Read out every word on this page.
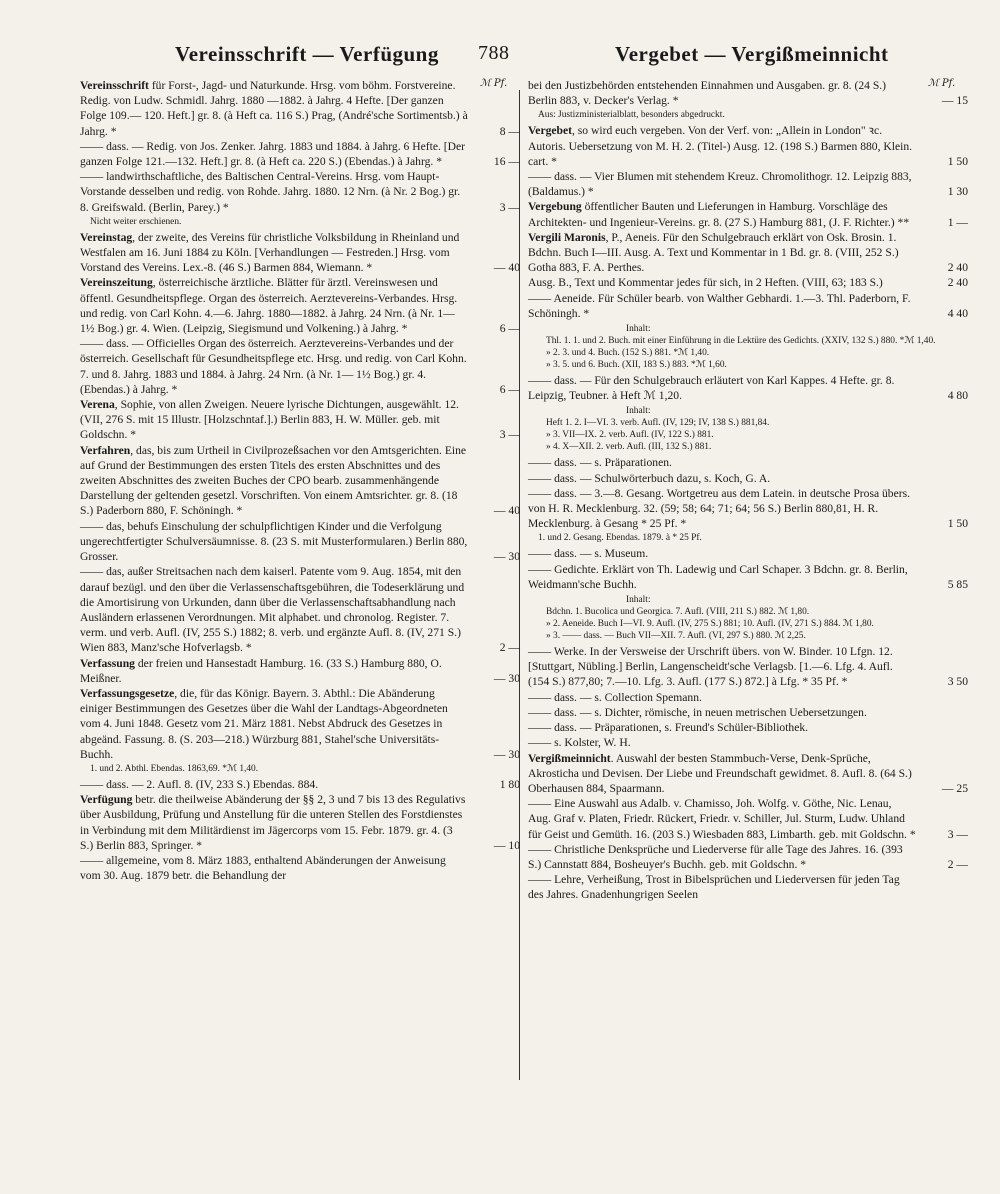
Vereinsschrift — Verfügung 788	Vergebet — Vergißmeinnicht
ℳ Pf.	ℳ Pf.
Vereinsschrift für Forst-, Jagd- und Naturkunde. Hrsg. vom böhm. Forstvereine. Redig. von Ludw. Schmidl. Jahrg. 1880 —1882. à Jahrg. 4 Hefte. [Der ganzen Folge 109.— 120. Heft.] gr. 8. (à Heft ca. 116 S.) Prag, (André'sche Sortimentsb.) à Jahrg. *	8 —
—— dass. — Redig. von Jos. Zenker. Jahrg. 1883 und 1884. à Jahrg. 6 Hefte. [Der ganzen Folge 121.—132. Heft.] gr. 8. (à Heft ca. 220 S.) (Ebendas.) à Jahrg. *	16 —
—— landwirthschaftliche, des Baltischen Central-Vereins. Hrsg. vom Haupt-Vorstande desselben und redig. von Rohde. Jahrg. 1880. 12 Nrn. (à Nr. 2 Bog.) gr. 8. Greifswald. (Berlin, Parey.) *	3 —
Nicht weiter erschienen.
Vereinstag, der zweite, des Vereins für christliche Volksbildung in Rheinland und Westfalen am 16. Juni 1884 zu Köln. [Verhandlungen — Festreden.] Hrsg. vom Vorstand des Vereins. Lex.-8. (46 S.) Barmen 884, Wiemann. *	— 40
Vereinszeitung, österreichische ärztliche. Blätter für ärztl. Vereinswesen und öffentl. Gesundheitspflege. Organ des österreich. Aerztevereins-Verbandes. Hrsg. und redig. von Carl Kohn. 4.—6. Jahrg. 1880—1882. à Jahrg. 24 Nrn. (à Nr. 1—1½ Bog.) gr. 4. Wien. (Leipzig, Siegismund und Volkening.) à Jahrg. *	6 —
—— dass. — Officielles Organ des österreich. Aerztevereins-Verbandes und der österreich. Gesellschaft für Gesundheitspflege etc. Hrsg. und redig. von Carl Kohn. 7. und 8. Jahrg. 1883 und 1884. à Jahrg. 24 Nrn. (à Nr. 1— 1½ Bog.) gr. 4. (Ebendas.) à Jahrg. *	6 —
Verena, Sophie, von allen Zweigen. Neuere lyrische Dichtungen, ausgewählt. 12. (VII, 276 S. mit 15 Illustr. [Holzschntaf.].) Berlin 883, H. W. Müller. geb. mit Goldschn. *	3 —
Verfahren, das, bis zum Urtheil in Civilprozeßsachen vor den Amtsgerichten. Eine auf Grund der Bestimmungen des ersten Titels des ersten Abschnittes und des zweiten Abschnittes des zweiten Buches der CPO bearb. zusammenhängende Darstellung der geltenden gesetzl. Vorschriften. Von einem Amtsrichter. gr. 8. (18 S.) Paderborn 880, F. Schöningh. *	— 40
—— das, behufs Einschulung der schulpflichtigen Kinder und die Verfolgung ungerechtfertigter Schulversäumnisse. 8. (23 S. mit Musterformularen.) Berlin 880, Grosser.	— 30
—— das, außer Streitsachen nach dem kaiserl. Patente vom 9. Aug. 1854, mit den darauf bezügl. und den über die Verlassenschaftsgebühren, die Todeserklärung und die Amortisirung von Urkunden, dann über die Verlassenschaftsabhandlung nach Ausländern erlassenen Verordnungen. Mit alphabet. und chronolog. Register. 7. verm. und verb. Aufl. (IV, 255 S.) 1882; 8. verb. und ergänzte Aufl. 8. (IV, 271 S.) Wien 883, Manz'sche Hofverlagsb. *	2 —
Verfassung der freien und Hansestadt Hamburg. 16. (33 S.) Hamburg 880, O. Meißner.	— 30
Verfassungsgesetze, die, für das Königr. Bayern. 3. Abthl.: Die Abänderung einiger Bestimmungen des Gesetzes über die Wahl der Landtags-Abgeordneten vom 4. Juni 1848. Gesetz vom 21. März 1881. Nebst Abdruck des Gesetzes in abgeänd. Fassung. 8. (S. 203—218.) Würzburg 881, Stahel'sche Universitäts-Buchh.	— 30
1. und 2. Abthl. Ebendas. 1863,69. *ℳ 1,40.
—— dass. — 2. Aufl. 8. (IV, 233 S.) Ebendas. 884.	1 80
Verfügung betr. die theilweise Abänderung der §§ 2, 3 und 7 bis 13 des Regulativs über Ausbildung, Prüfung und Anstellung für die unteren Stellen des Forstdienstes in Verbindung mit dem Militärdienst im Jägercorps vom 15. Febr. 1879. gr. 4. (3 S.) Berlin 883, Springer. *	— 10
—— allgemeine, vom 8. März 1883, enthaltend Abänderungen der Anweisung vom 30. Aug. 1879 betr. die Behandlung der
bei den Justizbehörden entstehenden Einnahmen und Ausgaben. gr. 8. (24 S.) Berlin 883, v. Decker's Verlag. *	— 15
Aus: Justizministerialblatt, besonders abgedruckt.
Vergebet, so wird euch vergeben. Von der Verf. von: „Allein in London" ꝛc. Autoris. Uebersetzung von M. H. 2. (Titel-) Ausg. 12. (198 S.) Barmen 880, Klein. cart. *	1 50
—— dass. — Vier Blumen mit stehendem Kreuz. Chromolithogr. 12. Leipzig 883, (Baldamus.) *	1 30
Vergebung öffentlicher Bauten und Lieferungen in Hamburg. Vorschläge des Architekten- und Ingenieur-Vereins. gr. 8. (27 S.) Hamburg 881, (J. F. Richter.) **	1 —
Vergili Maronis, P., Aeneis. Für den Schulgebrauch erklärt von Osk. Brosin. 1. Bdchn. Buch I—III. Ausg. A. Text und Kommentar in 1 Bd. gr. 8. (VIII, 252 S.) Gotha 883, F. A. Perthes.	2 40
Ausg. B., Text und Kommentar jedes für sich, in 2 Heften. (VIII, 63; 183 S.)	2 40
—— Aeneide. Für Schüler bearb. von Walther Gebhardi. 1.—3. Thl. Paderborn, F. Schöningh. *	4 40
Inhalt:
Thl. 1. 1. und 2. Buch. mit einer Einführung in die Lektüre des Gedichts. (XXIV, 132 S.) 880. *ℳ 1,40.
» 2. 3. und 4. Buch. (152 S.) 881. *ℳ 1,40.
» 3. 5. und 6. Buch. (XII, 183 S.) 883. *ℳ 1,60.
—— dass. — Für den Schulgebrauch erläutert von Karl Kappes. 4 Hefte. gr. 8. Leipzig, Teubner. à Heft ℳ 1,20.	4 80
Inhalt:
Heft 1. 2. I—VI. 3. verb. Aufl. (IV, 129; IV, 138 S.) 881,84.
» 3. VII—IX. 2. verb. Aufl. (IV, 122 S.) 881.
» 4. X—XII. 2. verb. Aufl. (III, 132 S.) 881.
—— dass. — s. Präparationen.
—— dass. — Schulwörterbuch dazu, s. Koch, G. A.
—— dass. — 3.—8. Gesang. Wortgetreu aus dem Latein. in deutsche Prosa übers. von H. R. Mecklenburg. 32. (59; 58; 64; 71; 64; 56 S.) Berlin 880,81, H. R. Mecklenburg. à Gesang * 25 Pf. *	1 50
1. und 2. Gesang. Ebendas. 1879. à * 25 Pf.
—— dass. — s. Museum.
—— Gedichte. Erklärt von Th. Ladewig und Carl Schaper. 3 Bdchn. gr. 8. Berlin, Weidmann'sche Buchh.	5 85
Inhalt:
Bdchn. 1. Bucolica und Georgica. 7. Aufl. (VIII, 211 S.) 882. ℳ 1,80.
» 2. Aeneide. Buch I—VI. 9. Aufl. (IV, 275 S.) 881; 10. Aufl. (IV, 271 S.) 884. ℳ 1,80.
» 3. —— dass. — Buch VII—XII. 7. Aufl. (VI, 297 S.) 880. ℳ 2,25.
—— Werke. In der Versweise der Urschrift übers. von W. Binder. 10 Lfgn. 12. [Stuttgart, Nübling.] Berlin, Langenscheidt'sche Verlagsb. [1.—6. Lfg. 4. Aufl. (154 S.) 877,80; 7.—10. Lfg. 3. Aufl. (177 S.) 872.] à Lfg. * 35 Pf. *	3 50
—— dass. — s. Collection Spemann.
—— dass. — s. Dichter, römische, in neuen metrischen Uebersetzungen.
—— dass. — Präparationen, s. Freund's Schüler-Bibliothek.
—— s. Kolster, W. H.
Vergißmeinnicht. Auswahl der besten Stammbuch-Verse, Denk-Sprüche, Akrosticha und Devisen. Der Liebe und Freundschaft gewidmet. 8. Aufl. 8. (64 S.) Oberhausen 884, Spaarmann.	— 25
—— Eine Auswahl aus Adalb. v. Chamisso, Joh. Wolfg. v. Göthe, Nic. Lenau, Aug. Graf v. Platen, Friedr. Rückert, Friedr. v. Schiller, Jul. Sturm, Ludw. Uhland für Geist und Gemüth. 16. (203 S.) Wiesbaden 883, Limbarth. geb. mit Goldschn. *	3 —
—— Christliche Denksprüche und Liederverse für alle Tage des Jahres. 16. (393 S.) Cannstatt 884, Bosheuyer's Buchh. geb. mit Goldschn. *	2 —
—— Lehre, Verheißung, Trost in Bibelsprüchen und Liederversen für jeden Tag des Jahres. Gnadenhungrigen Seelen
